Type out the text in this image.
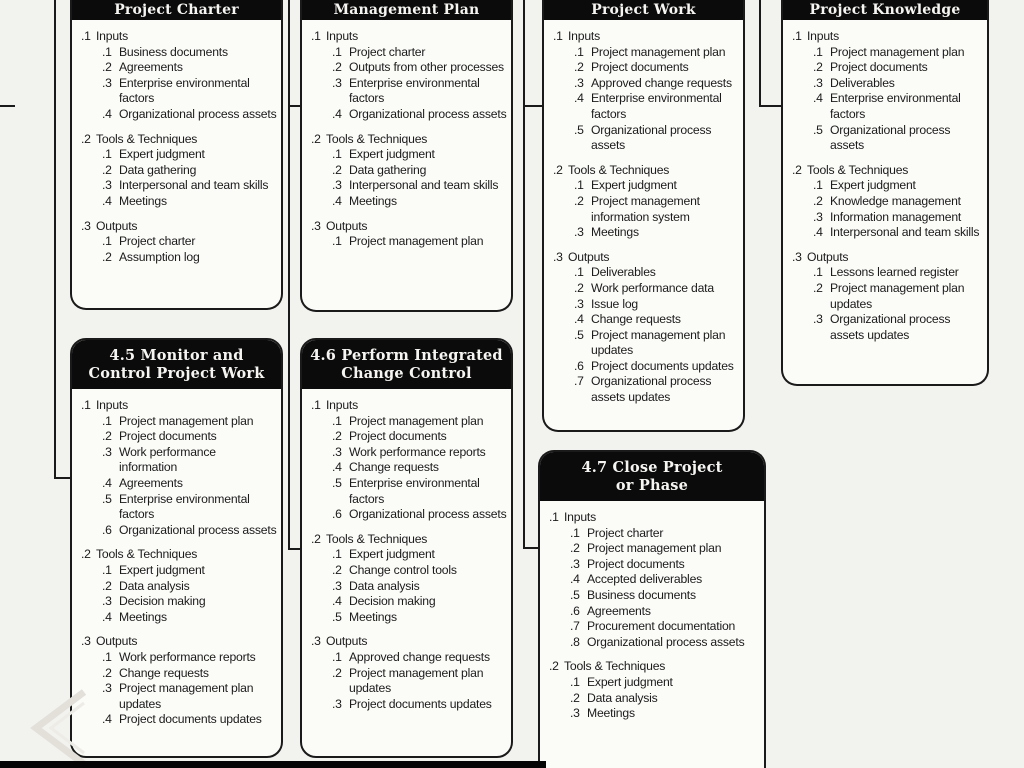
Project Charter
.1 Inputs
.1 Business documents
.2 Agreements
.3 Enterprise environmental factors
.4 Organizational process assets
.2 Tools & Techniques
.1 Expert judgment
.2 Data gathering
.3 Interpersonal and team skills
.4 Meetings
.3 Outputs
.1 Project charter
.2 Assumption log
Management Plan
.1 Inputs
.1 Project charter
.2 Outputs from other processes
.3 Enterprise environmental factors
.4 Organizational process assets
.2 Tools & Techniques
.1 Expert judgment
.2 Data gathering
.3 Interpersonal and team skills
.4 Meetings
.3 Outputs
.1 Project management plan
Project Work
.1 Inputs
.1 Project management plan
.2 Project documents
.3 Approved change requests
.4 Enterprise environmental factors
.5 Organizational process assets
.2 Tools & Techniques
.1 Expert judgment
.2 Project management information system
.3 Meetings
.3 Outputs
.1 Deliverables
.2 Work performance data
.3 Issue log
.4 Change requests
.5 Project management plan updates
.6 Project documents updates
.7 Organizational process assets updates
Project Knowledge
.1 Inputs
.1 Project management plan
.2 Project documents
.3 Deliverables
.4 Enterprise environmental factors
.5 Organizational process assets
.2 Tools & Techniques
.1 Expert judgment
.2 Knowledge management
.3 Information management
.4 Interpersonal and team skills
.3 Outputs
.1 Lessons learned register
.2 Project management plan updates
.3 Organizational process assets updates
4.5 Monitor and
Control Project Work
.1 Inputs
.1 Project management plan
.2 Project documents
.3 Work performance information
.4 Agreements
.5 Enterprise environmental factors
.6 Organizational process assets
.2 Tools & Techniques
.1 Expert judgment
.2 Data analysis
.3 Decision making
.4 Meetings
.3 Outputs
.1 Work performance reports
.2 Change requests
.3 Project management plan updates
.4 Project documents updates
4.6 Perform Integrated
Change Control
.1 Inputs
.1 Project management plan
.2 Project documents
.3 Work performance reports
.4 Change requests
.5 Enterprise environmental factors
.6 Organizational process assets
.2 Tools & Techniques
.1 Expert judgment
.2 Change control tools
.3 Data analysis
.4 Decision making
.5 Meetings
.3 Outputs
.1 Approved change requests
.2 Project management plan updates
.3 Project documents updates
4.7 Close Project
or Phase
.1 Inputs
.1 Project charter
.2 Project management plan
.3 Project documents
.4 Accepted deliverables
.5 Business documents
.6 Agreements
.7 Procurement documentation
.8 Organizational process assets
.2 Tools & Techniques
.1 Expert judgment
.2 Data analysis
.3 Meetings
